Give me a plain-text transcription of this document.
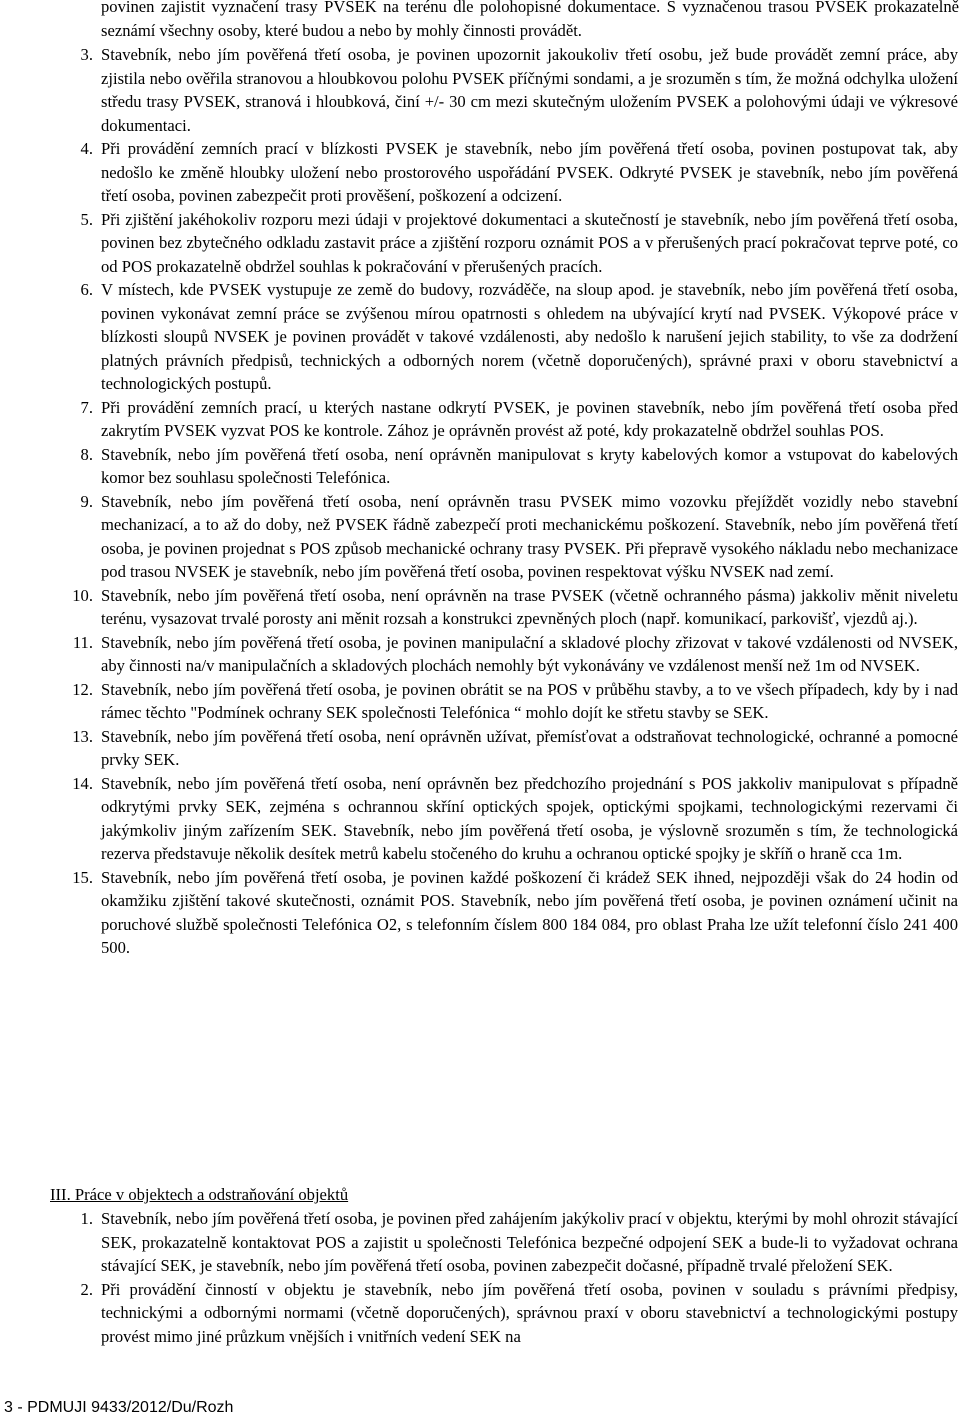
povinen zajistit vyznačení trasy PVSEK na terénu dle polohopisné dokumentace. S vyznačenou trasou PVSEK prokazatelně seznámí všechny osoby, které budou a nebo by mohly činnosti provádět.
3. Stavebník, nebo jím pověřená třetí osoba, je povinen upozornit jakoukoliv třetí osobu, jež bude provádět zemní práce, aby zjistila nebo ověřila stranovou a hloubkovou polohu PVSEK příčnými sondami, a je srozuměn s tím, že možná odchylka uložení středu trasy PVSEK, stranová i hloubková, činí +/- 30 cm mezi skutečným uložením PVSEK a polohovými údaji ve výkresové dokumentaci.
4. Při provádění zemních prací v blízkosti PVSEK je stavebník, nebo jím pověřená třetí osoba, povinen postupovat tak, aby nedošlo ke změně hloubky uložení nebo prostorového uspořádání PVSEK. Odkryté PVSEK je stavebník, nebo jím pověřená třetí osoba, povinen zabezpečit proti prověšení, poškození a odcizení.
5. Při zjištění jakéhokoliv rozporu mezi údaji v projektové dokumentaci a skutečností je stavebník, nebo jím pověřená třetí osoba, povinen bez zbytečného odkladu zastavit práce a zjištění rozporu oznámit POS a v přerušených prací pokračovat teprve poté, co od POS prokazatelně obdržel souhlas k pokračování v přerušených pracích.
6. V místech, kde PVSEK vystupuje ze země do budovy, rozváděče, na sloup apod. je stavebník, nebo jím pověřená třetí osoba, povinen vykonávat zemní práce se zvýšenou mírou opatrnosti s ohledem na ubývající krytí nad PVSEK. Výkopové práce v blízkosti sloupů NVSEK je povinen provádět v takové vzdálenosti, aby nedošlo k narušení jejich stability, to vše za dodržení platných právních předpisů, technických a odborných norem (včetně doporučených), správné praxi v oboru stavebnictví a technologických postupů.
7. Při provádění zemních prací, u kterých nastane odkrytí PVSEK, je povinen stavebník, nebo jím pověřená třetí osoba před zakrytím PVSEK vyzvat POS ke kontrole. Zához je oprávněn provést až poté, kdy prokazatelně obdržel souhlas POS.
8. Stavebník, nebo jím pověřená třetí osoba, není oprávněn manipulovat s kryty kabelových komor a vstupovat do kabelových komor bez souhlasu společnosti Telefónica.
9. Stavebník, nebo jím pověřená třetí osoba, není oprávněn trasu PVSEK mimo vozovku přejíždět vozidly nebo stavební mechanizací, a to až do doby, než PVSEK řádně zabezpečí proti mechanickému poškození. Stavebník, nebo jím pověřená třetí osoba, je povinen projednat s POS způsob mechanické ochrany trasy PVSEK. Při přepravě vysokého nákladu nebo mechanizace pod trasou NVSEK je stavebník, nebo jím pověřená třetí osoba, povinen respektovat výšku NVSEK nad zemí.
10. Stavebník, nebo jím pověřená třetí osoba, není oprávněn na trase PVSEK (včetně ochranného pásma) jakkoliv měnit niveletu terénu, vysazovat trvalé porosty ani měnit rozsah a konstrukci zpevněných ploch (např. komunikací, parkovišť, vjezdů aj.).
11. Stavebník, nebo jím pověřená třetí osoba, je povinen manipulační a skladové plochy zřizovat v takové vzdálenosti od NVSEK, aby činnosti na/v manipulačních a skladových plochách nemohly být vykonávány ve vzdálenost menší než 1m od NVSEK.
12. Stavebník, nebo jím pověřená třetí osoba, je povinen obrátit se na POS v průběhu stavby, a to ve všech případech, kdy by i nad rámec těchto "Podmínek ochrany SEK společnosti Telefónica “ mohlo dojít ke střetu stavby se SEK.
13. Stavebník, nebo jím pověřená třetí osoba, není oprávněn užívat, přemísťovat a odstraňovat technologické, ochranné a pomocné prvky SEK.
14. Stavebník, nebo jím pověřená třetí osoba, není oprávněn bez předchozího projednání s POS jakkoliv manipulovat s případně odkrytými prvky SEK, zejména s ochrannou skříní optických spojek, optickými spojkami, technologickými rezervami či jakýmkoliv jiným zařízením SEK. Stavebník, nebo jím pověřená třetí osoba, je výslovně srozuměn s tím, že technologická rezerva představuje několik desítek metrů kabelu stočeného do kruhu a ochranou optické spojky je skříň o hraně cca 1m.
15. Stavebník, nebo jím pověřená třetí osoba, je povinen každé poškození či krádež SEK ihned, nejpozději však do 24 hodin od okamžiku zjištění takové skutečnosti, oznámit POS. Stavebník, nebo jím pověřená třetí osoba, je povinen oznámení učinit na poruchové službě společnosti Telefónica O2, s telefonním číslem 800 184 084, pro oblast Praha lze užít telefonní číslo 241 400 500.
III. Práce v objektech a odstraňování objektů
1. Stavebník, nebo jím pověřená třetí osoba, je povinen před zahájením jakýkoliv prací v objektu, kterými by mohl ohrozit stávající SEK, prokazatelně kontaktovat POS a zajistit u společnosti Telefónica bezpečné odpojení SEK a bude-li to vyžadovat ochrana stávající SEK, je stavebník, nebo jím pověřená třetí osoba, povinen zabezpečit dočasné, případně trvalé přeložení SEK.
2. Při provádění činností v objektu je stavebník, nebo jím pověřená třetí osoba, povinen v souladu s právními předpisy, technickými a odbornými normami (včetně doporučených), správnou praxí v oboru stavebnictví a technologickými postupy provést mimo jiné průzkum vnějších i vnitřních vedení SEK na
3 - PDMUJI 9433/2012/Du/Rozh
